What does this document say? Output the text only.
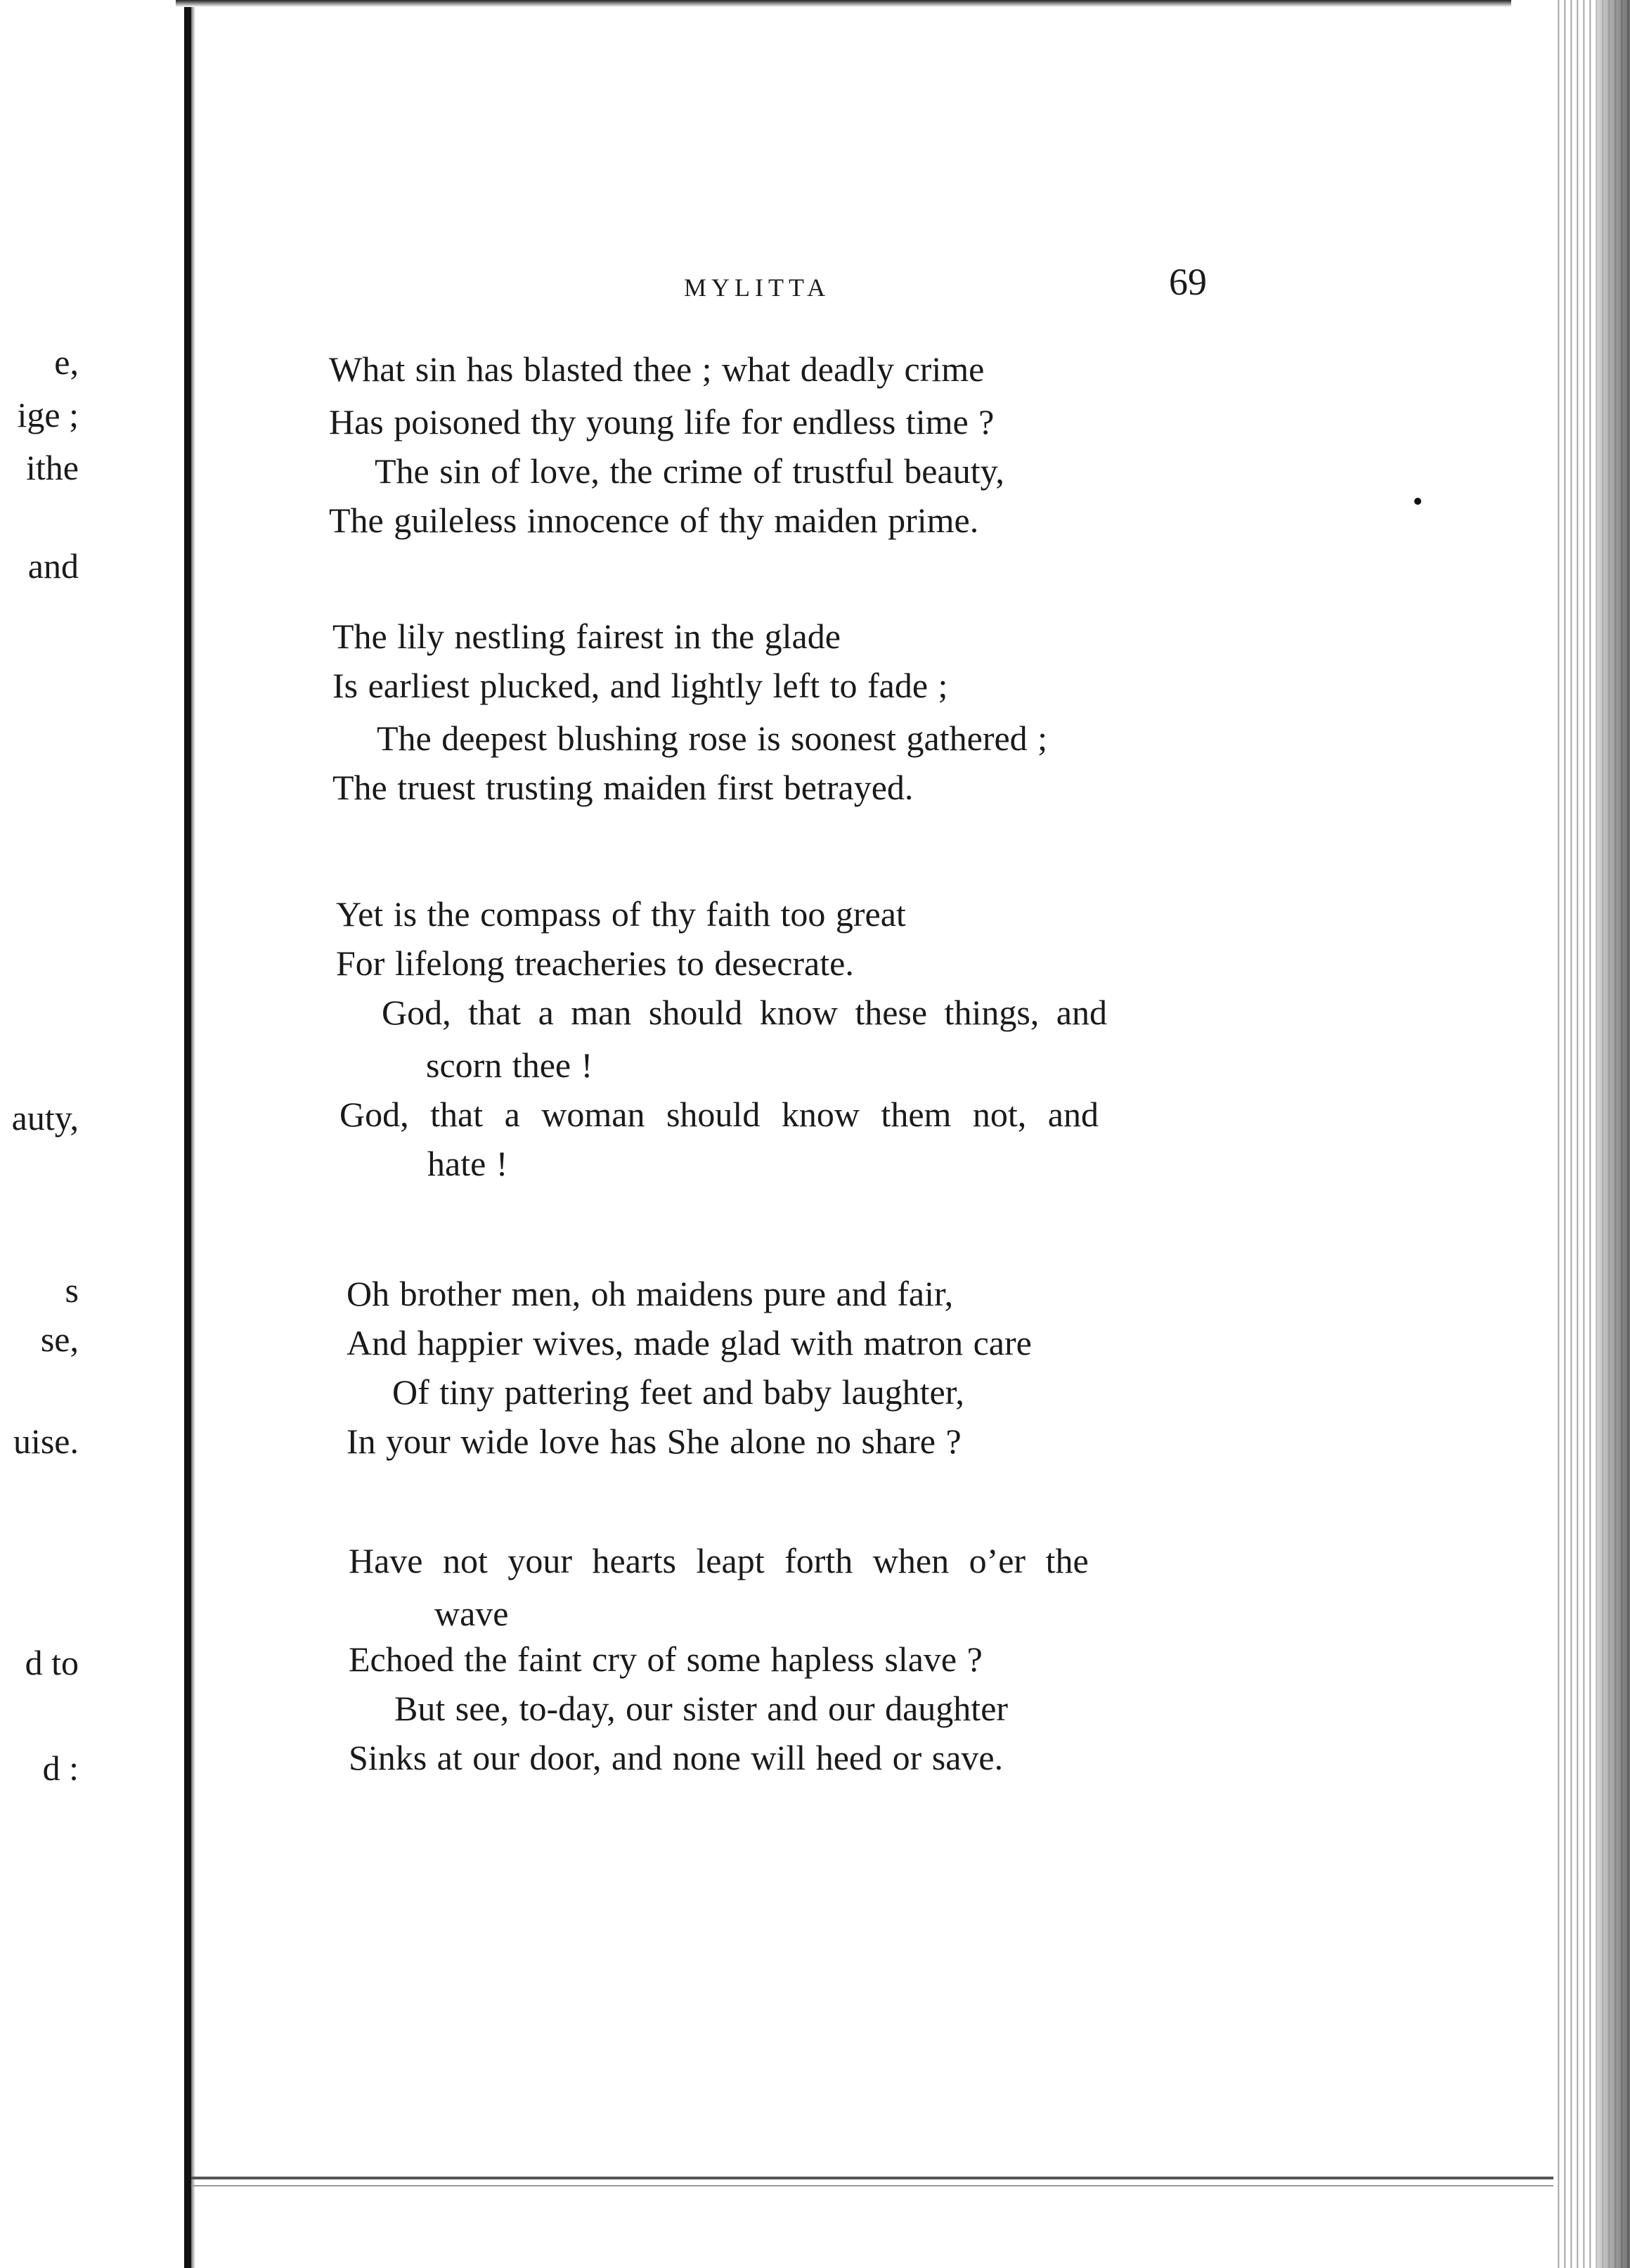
e,
ige ;
ithe
and
auty,
s
se,
uise.
d to
d :
MYLITTA	69
What sin has blasted thee ; what deadly crime
Has poisoned thy young life for endless time ?
The sin of love, the crime of trustful beauty,
The guileless innocence of thy maiden prime.
The lily nestling fairest in the glade
Is earliest plucked, and lightly left to fade ;
The deepest blushing rose is soonest gathered ;
The truest trusting maiden first betrayed.
Yet is the compass of thy faith too great
For lifelong treacheries to desecrate.
God, that a man should know these things, and
scorn thee !
God, that a woman should know them not, and
hate !
Oh brother men, oh maidens pure and fair,
And happier wives, made glad with matron care
Of tiny pattering feet and baby laughter,
In your wide love has She alone no share ?
Have not your hearts leapt forth when o’er the
wave
Echoed the faint cry of some hapless slave ?
But see, to-day, our sister and our daughter
Sinks at our door, and none will heed or save.
